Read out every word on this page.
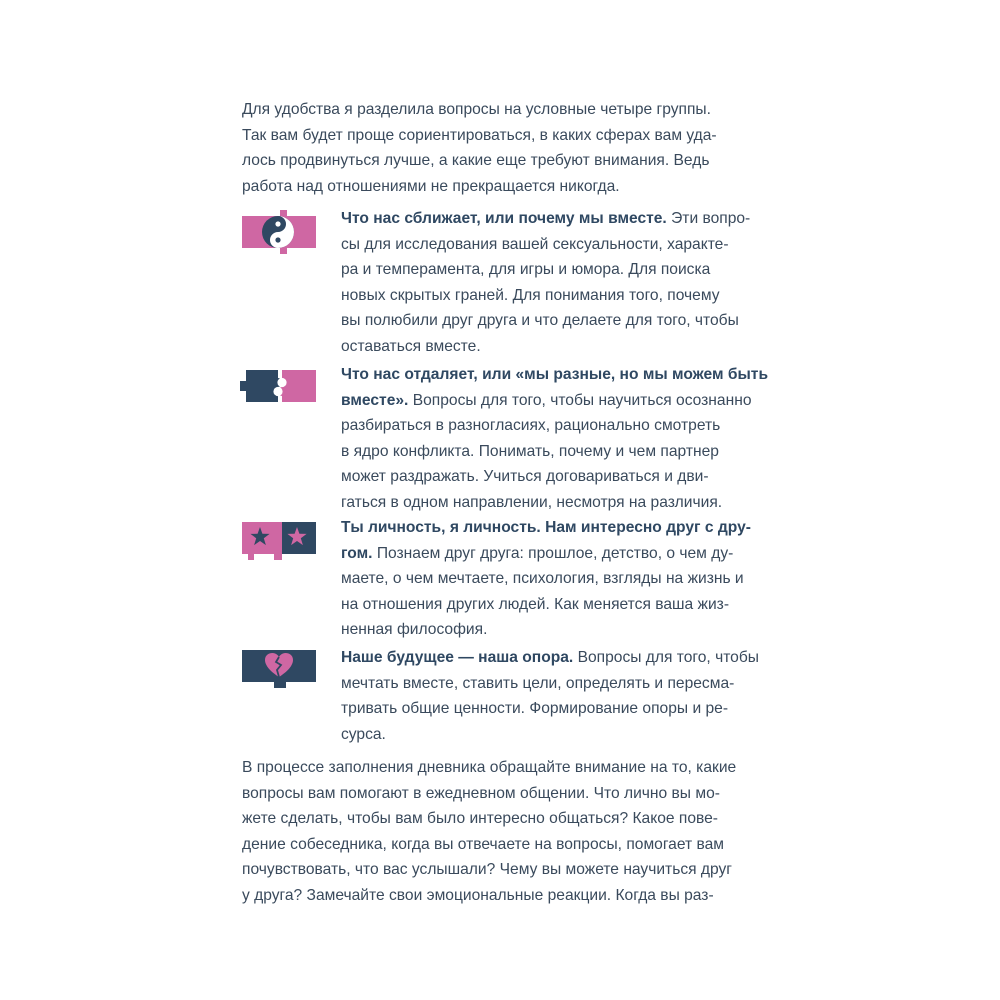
Для удобства я разделила вопросы на условные четыре группы.
Так вам будет проще сориентироваться, в каких сферах вам уда-
лось продвинуться лучше, а какие еще требуют внимания. Ведь
работа над отношениями не прекращается никогда.

Что нас сближает, или почему мы вместе. Эти вопро-
сы для исследования вашей сексуальности, характе-
ра и темперамента, для игры и юмора. Для поиска
новых скрытых граней. Для понимания того, почему
вы полюбили друг друга и что делаете для того, чтобы
оставаться вместе.

Что нас отдаляет, или «мы разные, но мы можем быть
вместе». Вопросы для того, чтобы научиться осознанно
разбираться в разногласиях, рационально смотреть
в ядро конфликта. Понимать, почему и чем партнер
может раздражать. Учиться договариваться и дви-
гаться в одном направлении, несмотря на различия.

Ты личность, я личность. Нам интересно друг с дру-
гом. Познаем друг друга: прошлое, детство, о чем ду-
маете, о чем мечтаете, психология, взгляды на жизнь и
на отношения других людей. Как меняется ваша жиз-
ненная философия.

Наше будущее — наша опора. Вопросы для того, чтобы
мечтать вместе, ставить цели, определять и пересма-
тривать общие ценности. Формирование опоры и ре-
сурса.

В процессе заполнения дневника обращайте внимание на то, какие
вопросы вам помогают в ежедневном общении. Что лично вы мо-
жете сделать, чтобы вам было интересно общаться? Какое пове-
дение собеседника, когда вы отвечаете на вопросы, помогает вам
почувствовать, что вас услышали? Чему вы можете научиться друг
у друга? Замечайте свои эмоциональные реакции. Когда вы раз-
